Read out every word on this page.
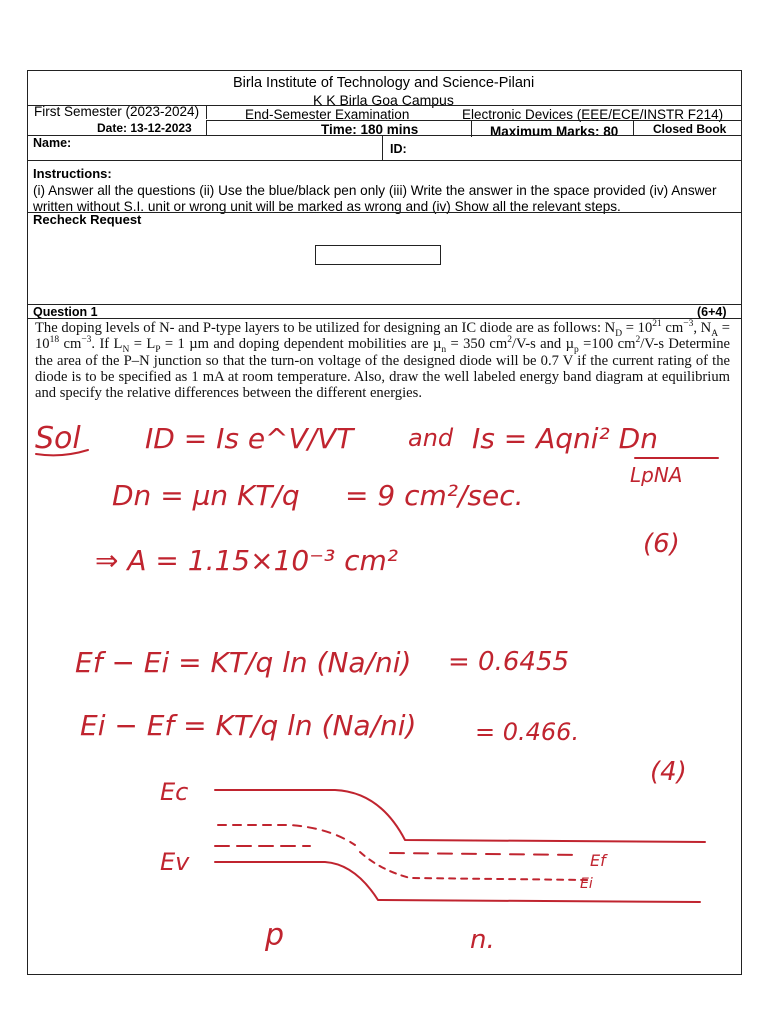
Birla Institute of Technology and Science-Pilani
K K Birla Goa Campus
First Semester (2023-2024)	End-Semester Examination	Electronic Devices (EEE/ECE/INSTR F214)
Date: 13-12-2023	Time: 180 mins	Maximum Marks: 80	Closed Book
Name:	ID:
Instructions:
(i) Answer all the questions (ii) Use the blue/black pen only (iii) Write the answer in the space provided (iv) Answer
written without S.I. unit or wrong unit will be marked as wrong and (iv) Show all the relevant steps.
Recheck Request
Question 1	(6+4)
The doping levels of N- and P-type layers to be utilized for designing an IC diode are as follows: $N_D = 10^{21}$ $cm^{-3}$, $N_A = 10^{18}$ $cm^{-3}$. If $L_N = L_P = 1$ µm and doping dependent mobilities are µ$_n$ = 350 $cm^2/V-s$ and µ$_p$ =100 $cm^2/V-s$ Determine the area of the P–N junction so that the turn-on voltage of the designed diode will be 0.7 V if the current rating of the diode is to be specified as 1 mA at room temperature. Also, draw the well labeled energy band diagram at equilibrium and specify the relative differences between the different energies.
Sol ID = Is e^V/VT and Is = Aqni² Dn
LpNA
Dn = µn KT/q = 9 cm²/sec.
(6)
⇒ A = 1.15×10⁻³ cm²
Ef − Ei = KT/q ln (Na/ni) = 0.6455
Ei − Ef = KT/q ln (Na/ni) = 0.466.
(4)
Ec
Ev	Ef
Ei
p	n.
